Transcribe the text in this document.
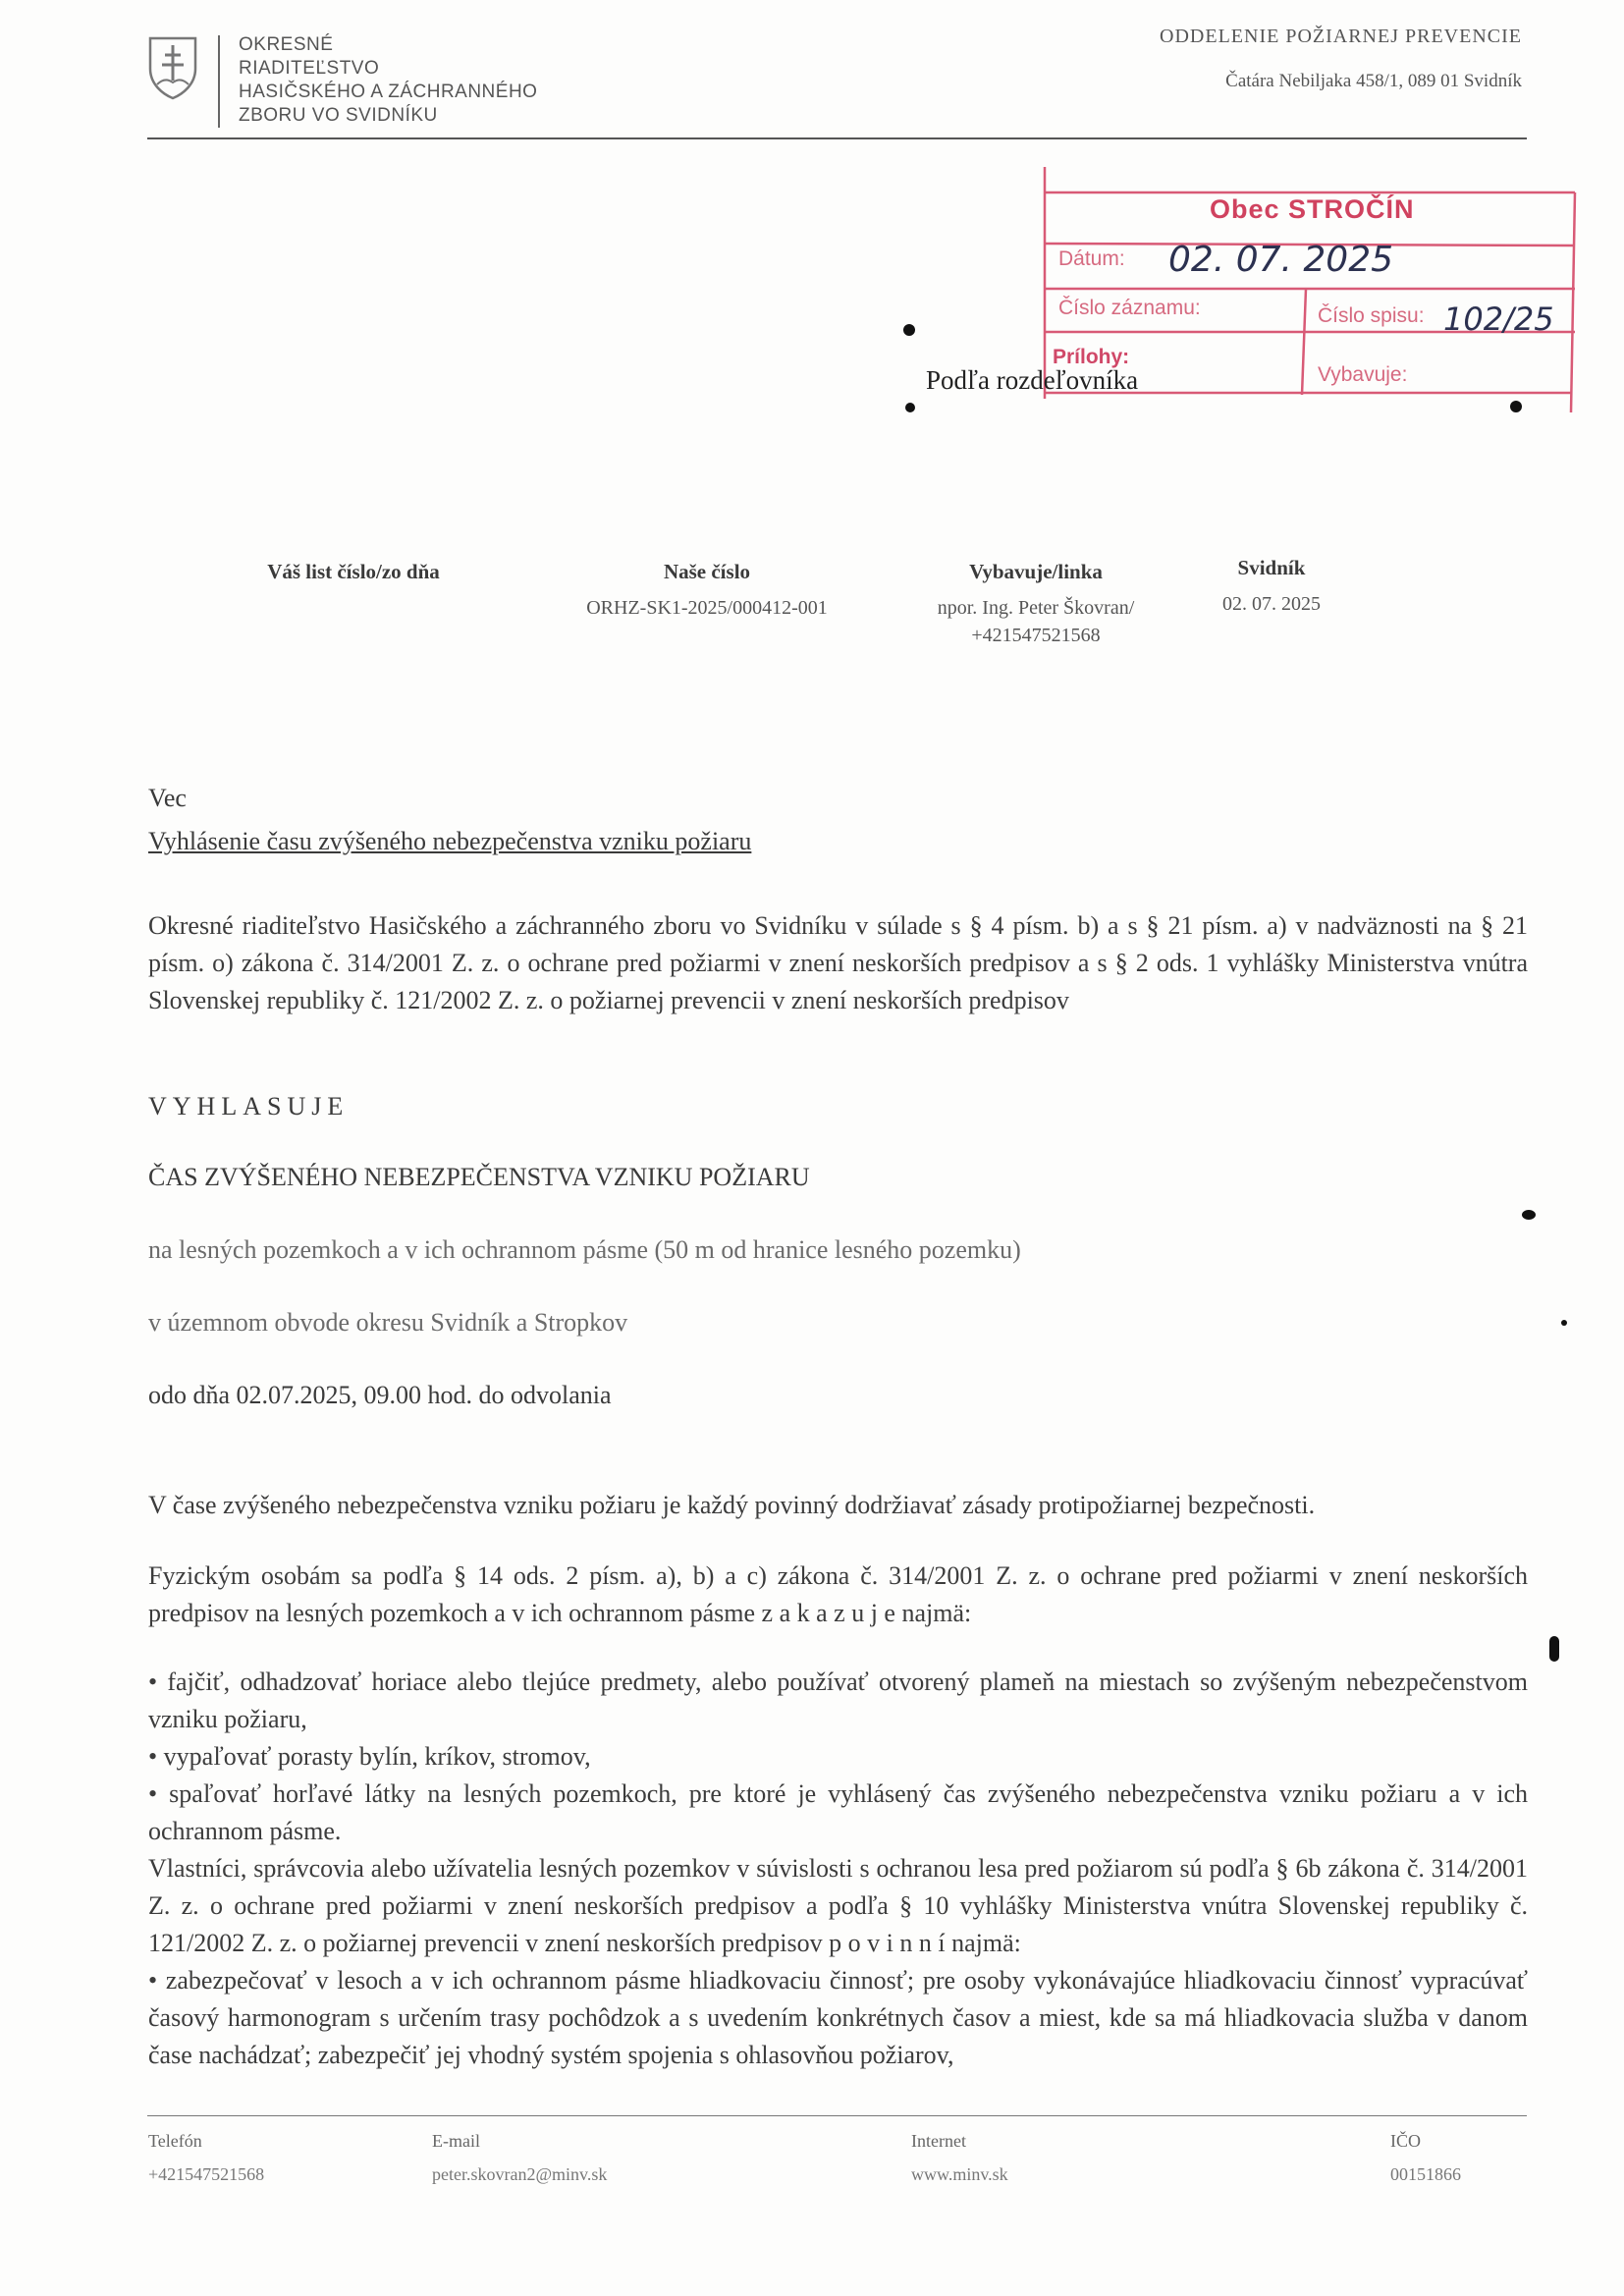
OKRESNÉ
RIADITEĽSTVO
HASIČSKÉHO A ZÁCHRANNÉHO
ZBORU VO SVIDNÍKU
ODDELENIE POŽIARNEJ PREVENCIE
Čatára Nebiljaka 458/1, 089 01 Svidník
Obec STROČÍN
Dátum: 02. 07. 2025
Číslo záznamu:	Číslo spisu: 102/25
Prílohy:
Vybavuje:
Podľa rozdeľovníka
Váš list číslo/zo dňa	Naše číslo
ORHZ-SK1-2025/000412-001
Vybavuje/linka
npor. Ing. Peter Škovran/
+421547521568
Svidník
02. 07. 2025
Vec
Vyhlásenie času zvýšeného nebezpečenstva vzniku požiaru
Okresné riaditeľstvo Hasičského a záchranného zboru vo Svidníku v súlade s § 4 písm. b) a s § 21 písm. a) v nadväznosti na § 21 písm. o) zákona č. 314/2001 Z. z. o ochrane pred požiarmi v znení neskorších predpisov a s § 2 ods. 1 vyhlášky Ministerstva vnútra Slovenskej republiky č. 121/2002 Z. z. o požiarnej prevencii v znení neskorších predpisov
VYHLASUJE
ČAS ZVÝŠENÉHO NEBEZPEČENSTVA VZNIKU POŽIARU
na lesných pozemkoch a v ich ochrannom pásme (50 m od hranice lesného pozemku)
v územnom obvode okresu Svidník a Stropkov
odo dňa 02.07.2025, 09.00 hod. do odvolania
V čase zvýšeného nebezpečenstva vzniku požiaru je každý povinný dodržiavať zásady protipožiarnej bezpečnosti.
Fyzickým osobám sa podľa § 14 ods. 2 písm. a), b) a c) zákona č. 314/2001 Z. z. o ochrane pred požiarmi v znení neskorších predpisov na lesných pozemkoch a v ich ochrannom pásme z a k a z u j e najmä:
• fajčiť, odhadzovať horiace alebo tlejúce predmety, alebo používať otvorený plameň na miestach so zvýšeným nebezpečenstvom vzniku požiaru,
• vypaľovať porasty bylín, kríkov, stromov,
• spaľovať horľavé látky na lesných pozemkoch, pre ktoré je vyhlásený čas zvýšeného nebezpečenstva vzniku požiaru a v ich ochrannom pásme.
Vlastníci, správcovia alebo užívatelia lesných pozemkov v súvislosti s ochranou lesa pred požiarom sú podľa § 6b zákona č. 314/2001 Z. z. o ochrane pred požiarmi v znení neskorších predpisov a podľa § 10 vyhlášky Ministerstva vnútra Slovenskej republiky č. 121/2002 Z. z. o požiarnej prevencii v znení neskorších predpisov p o v i n n í najmä:
• zabezpečovať v lesoch a v ich ochrannom pásme hliadkovaciu činnosť; pre osoby vykonávajúce hliadkovaciu činnosť vypracúvať časový harmonogram s určením trasy pochôdzok a s uvedením konkrétnych časov a miest, kde sa má hliadkovacia služba v danom čase nachádzať; zabezpečiť jej vhodný systém spojenia s ohlasovňou požiarov,
Telefón
+421547521568
E-mail
peter.skovran2@minv.sk
Internet
www.minv.sk
IČO
00151866
